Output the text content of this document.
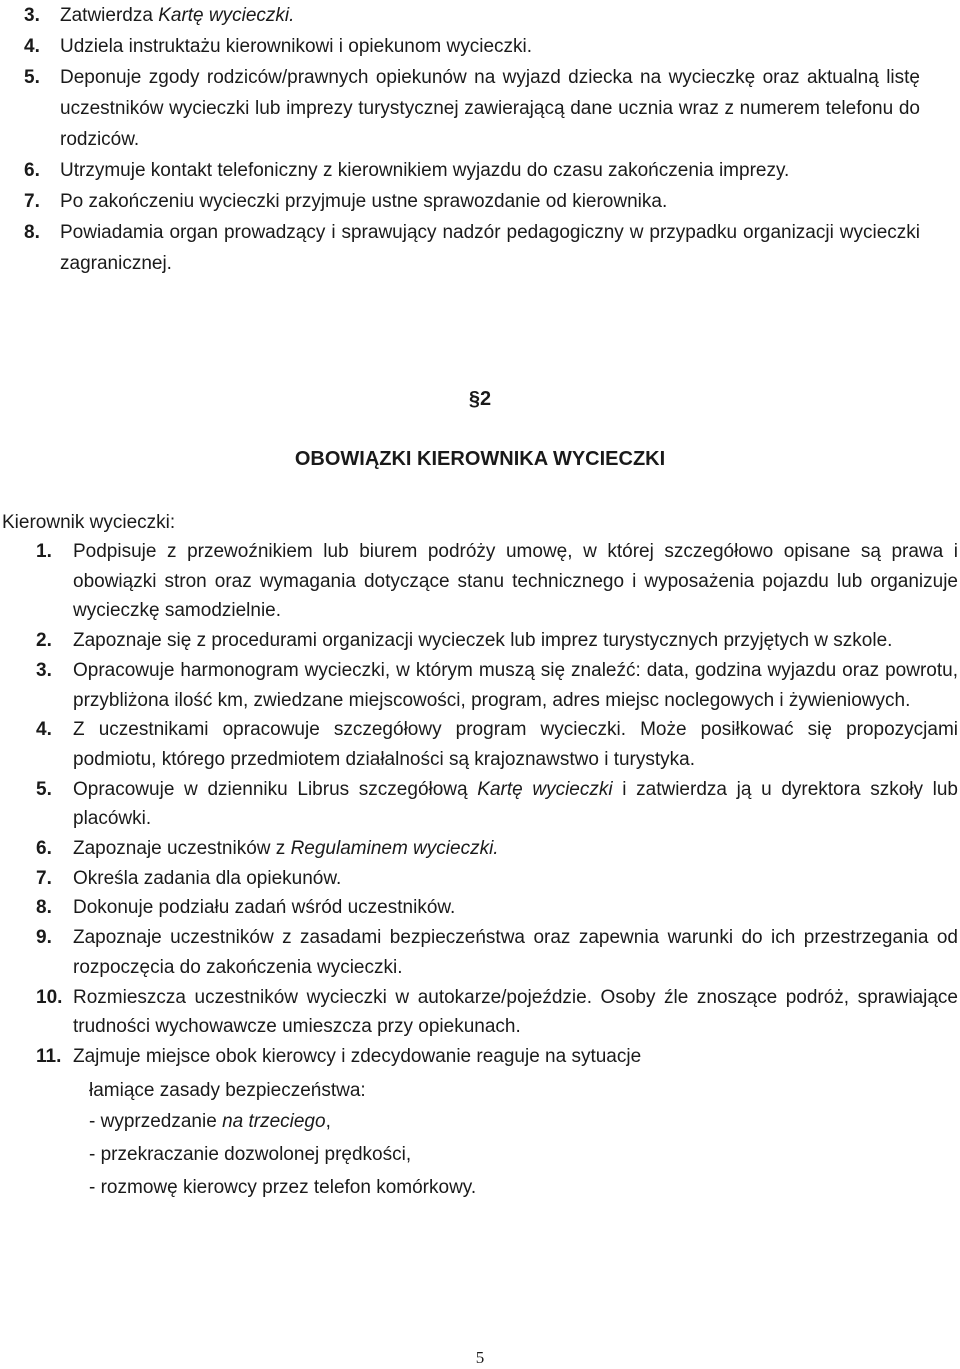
3. Zatwierdza Kartę wycieczki.
4. Udziela instruktażu kierownikowi i opiekunom wycieczki.
5. Deponuje zgody rodziców/prawnych opiekunów na wyjazd dziecka na wycieczkę oraz aktualną listę uczestników wycieczki lub imprezy turystycznej zawierającą dane ucznia wraz z numerem telefonu do rodziców.
6. Utrzymuje kontakt telefoniczny z kierownikiem wyjazdu do czasu zakończenia imprezy.
7. Po zakończeniu wycieczki przyjmuje ustne sprawozdanie od kierownika.
8. Powiadamia organ prowadzący i sprawujący nadzór pedagogiczny w przypadku organizacji wycieczki zagranicznej.
§2
OBOWIĄZKI KIEROWNIKA WYCIECZKI
Kierownik wycieczki:
1. Podpisuje z przewoźnikiem lub biurem podróży umowę, w której szczegółowo opisane są prawa i obowiązki stron oraz wymagania dotyczące stanu technicznego i wyposażenia pojazdu lub organizuje wycieczkę samodzielnie.
2. Zapoznaje się z procedurami organizacji wycieczek lub imprez turystycznych przyjętych w szkole.
3. Opracowuje harmonogram wycieczki, w którym muszą się znaleźć: data, godzina wyjazdu oraz powrotu, przybliżona ilość km, zwiedzane miejscowości, program, adres miejsc noclegowych i żywieniowych.
4. Z uczestnikami opracowuje szczegółowy program wycieczki. Może posiłkować się propozycjami podmiotu, którego przedmiotem działalności są krajoznawstwo i turystyka.
5. Opracowuje w dzienniku Librus szczegółową Kartę wycieczki i zatwierdza ją u dyrektora szkoły lub placówki.
6. Zapoznaje uczestników z Regulaminem wycieczki.
7. Określa zadania dla opiekunów.
8. Dokonuje podziału zadań wśród uczestników.
9. Zapoznaje uczestników z zasadami bezpieczeństwa oraz zapewnia warunki do ich przestrzegania od rozpoczęcia do zakończenia wycieczki.
10. Rozmieszcza uczestników wycieczki w autokarze/pojeździe. Osoby źle znoszące podróż, sprawiające trudności wychowawcze umieszcza przy opiekunach.
11. Zajmuje miejsce obok kierowcy i zdecydowanie reaguje na sytuacje
łamiące zasady bezpieczeństwa:
- wyprzedzanie na trzeciego,
- przekraczanie dozwolonej prędkości,
- rozmowę kierowcy przez telefon komórkowy.
5
